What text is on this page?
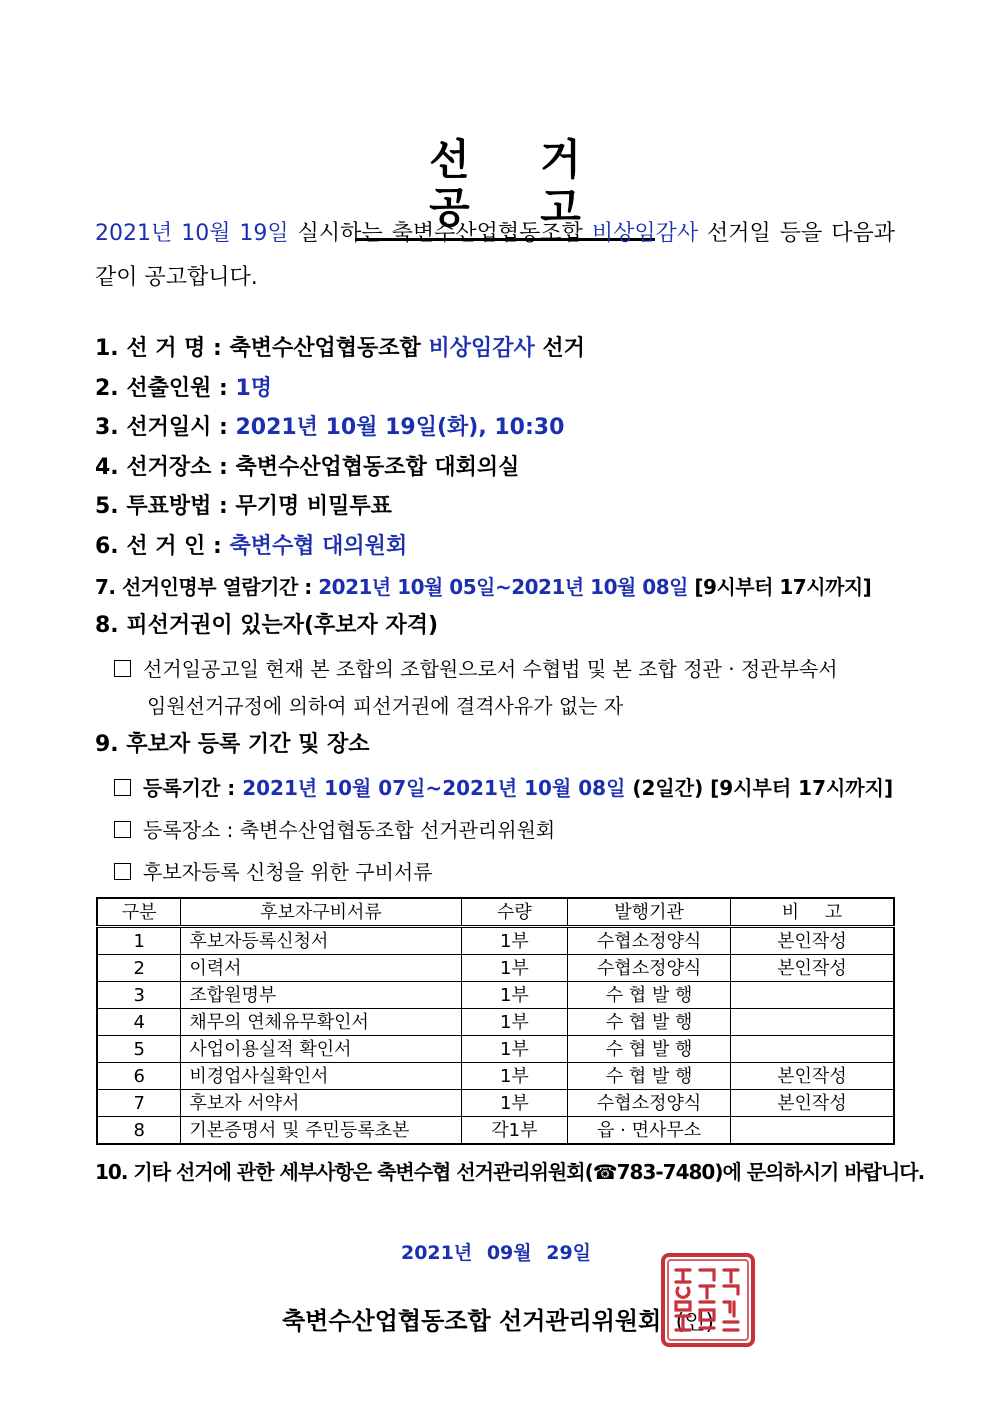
선 거 공 고
2021년 10월 19일 실시하는 축변수산업협동조합 비상임감사 선거일 등을 다음과 같이 공고합니다.
1. 선 거 명 : 축변수산업협동조합 비상임감사 선거
2. 선출인원 : 1명
3. 선거일시 : 2021년 10월 19일(화), 10:30
4. 선거장소 : 축변수산업협동조합 대회의실
5. 투표방법 : 무기명 비밀투표
6. 선 거 인 : 축변수협 대의원회
7. 선거인명부 열람기간 : 2021년 10월 05일~2021년 10월 08일 [9시부터 17시까지]
8. 피선거권이 있는자(후보자 자격)
선거일공고일 현재 본 조합의 조합원으로서 수협법 및 본 조합 정관 · 정관부속서
임원선거규정에 의하여 피선거권에 결격사유가 없는 자
9. 후보자 등록 기간 및 장소
등록기간 : 2021년 10월 07일~2021년 10월 08일 (2일간) [9시부터 17시까지]
등록장소 : 축변수산업협동조합 선거관리위원회
후보자등록 신청을 위한 구비서류
구분	후보자구비서류	수량	발행기관	비 고
1	후보자등록신청서	1부	수협소정양식	본인작성
2	이력서	1부	수협소정양식	본인작성
3	조합원명부	1부	수 협 발 행	
4	채무의 연체유무확인서	1부	수 협 발 행	
5	사업이용실적 확인서	1부	수 협 발 행	
6	비경업사실확인서	1부	수 협 발 행	본인작성
7	후보자 서약서	1부	수협소정양식	본인작성
8	기본증명서 및 주민등록초본	각1부	읍 · 면사무소	
10. 기타 선거에 관한 세부사항은 축변수협 선거관리위원회(☎783-7480)에 문의하시기 바랍니다.
2021년 09월 29일
축변수산업협동조합 선거관리위원회 (인)
